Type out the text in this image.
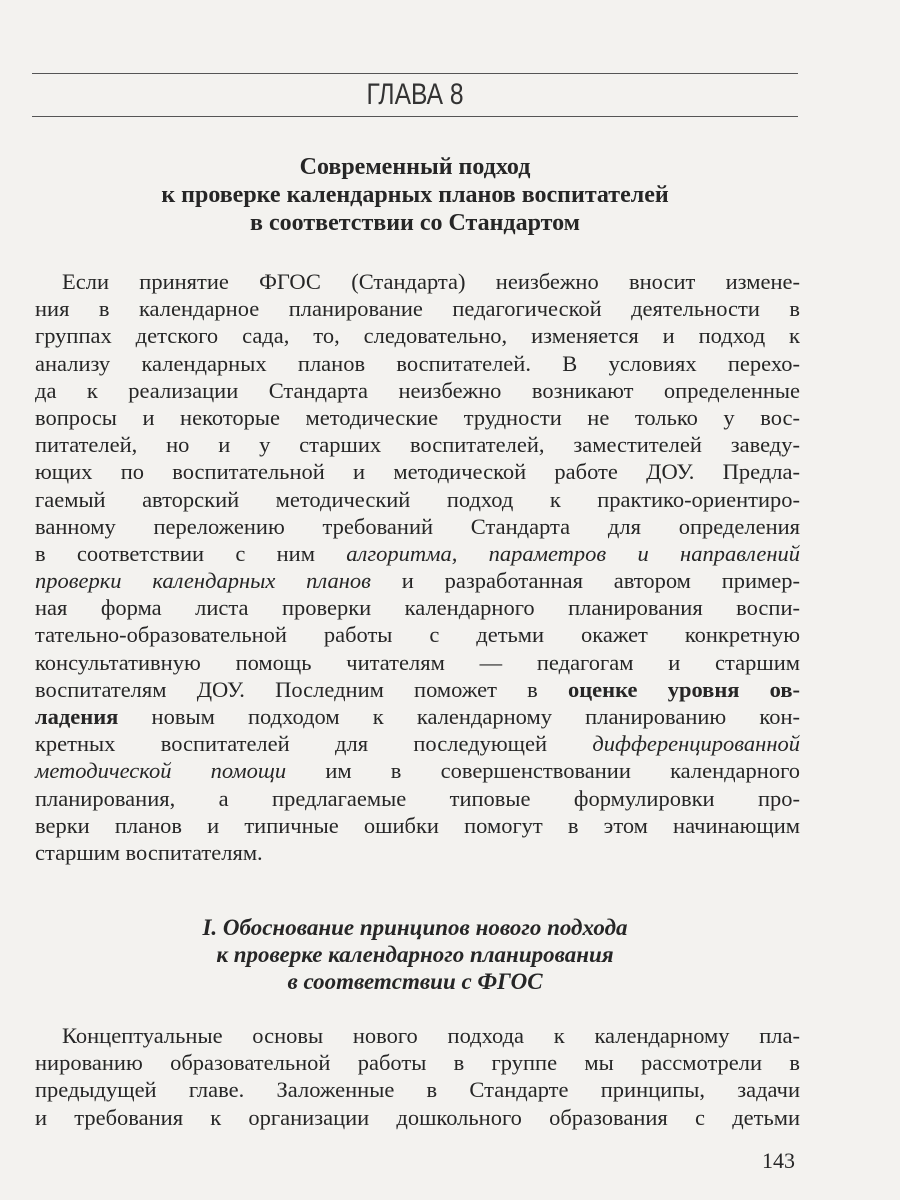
ГЛАВА 8
Современный подход
к проверке календарных планов воспитателей
в соответствии со Стандартом
Если принятие ФГОС (Стандарта) неизбежно вносит измене-
ния в календарное планирование педагогической деятельности в
группах детского сада, то, следовательно, изменяется и подход к
анализу календарных планов воспитателей. В условиях перехо-
да к реализации Стандарта неизбежно возникают определенные
вопросы и некоторые методические трудности не только у вос-
питателей, но и у старших воспитателей, заместителей заведу-
ющих по воспитательной и методической работе ДОУ. Предла-
гаемый авторский методический подход к практико-ориентиро-
ванному переложению требований Стандарта для определения
в соответствии с ним алгоритма, параметров и направлений
проверки календарных планов и разработанная автором пример-
ная форма листа проверки календарного планирования воспи-
тательно-образовательной работы с детьми окажет конкретную
консультативную помощь читателям — педагогам и старшим
воспитателям ДОУ. Последним поможет в оценке уровня ов-
ладения новым подходом к календарному планированию кон-
кретных воспитателей для последующей дифференцированной
методической помощи им в совершенствовании календарного
планирования, а предлагаемые типовые формулировки про-
верки планов и типичные ошибки помогут в этом начинающим
старшим воспитателям.
I. Обоснование принципов нового подхода
к проверке календарного планирования
в соответствии с ФГОС
Концептуальные основы нового подхода к календарному пла-
нированию образовательной работы в группе мы рассмотрели в
предыдущей главе. Заложенные в Стандарте принципы, задачи
и требования к организации дошкольного образования с детьми
143
